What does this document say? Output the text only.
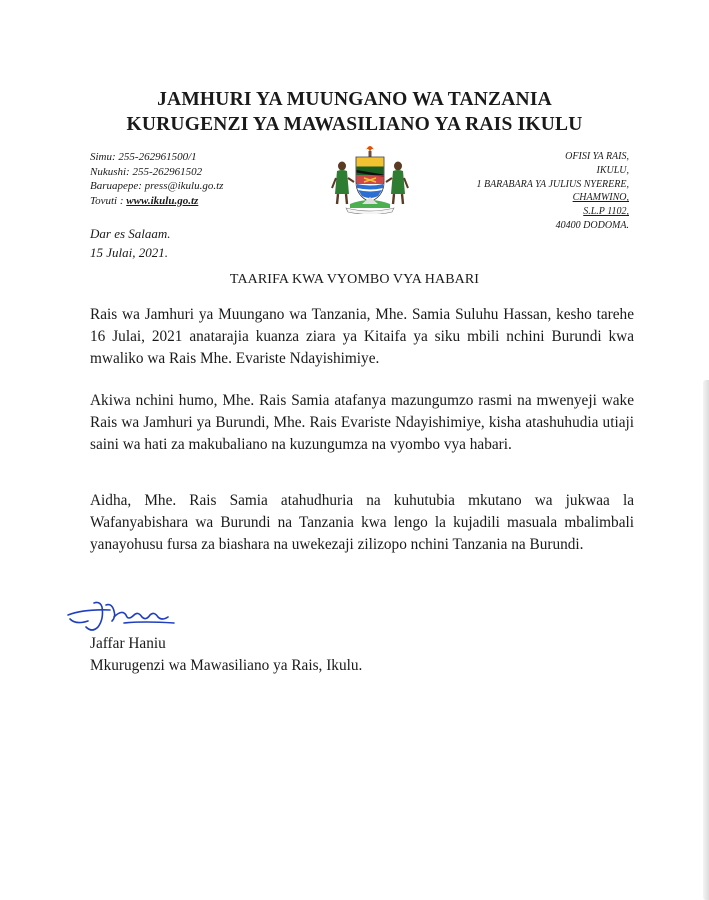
JAMHURI YA MUUNGANO WA TANZANIA
KURUGENZI YA MAWASILIANO YA RAIS IKULU
Simu: 255-262961500/1
Nukushi: 255-262961502
Baruapepe: press@ikulu.go.tz
Tovuti : www.ikulu.go.tz
OFISI YA RAIS,
IKULU,
1 BARABARA YA JULIUS NYERERE,
CHAMWINO,
S.L.P 1102,
40400 DODOMA.
Dar es Salaam.
15 Julai, 2021.
TAARIFA KWA VYOMBO VYA HABARI
Rais wa Jamhuri ya Muungano wa Tanzania, Mhe. Samia Suluhu Hassan, kesho tarehe 16 Julai, 2021 anatarajia kuanza ziara ya Kitaifa ya siku mbili nchini Burundi kwa mwaliko wa Rais Mhe. Evariste Ndayishimiye.
Akiwa nchini humo, Mhe. Rais Samia atafanya mazungumzo rasmi na mwenyeji wake Rais wa Jamhuri ya Burundi, Mhe. Rais Evariste Ndayishimiye, kisha atashuhudia utiaji saini wa hati za makubaliano na kuzungumza na vyombo vya habari.
Aidha, Mhe. Rais Samia atahudhuria na kuhutubia mkutano wa jukwaa la Wafanyabishara wa Burundi na Tanzania kwa lengo la kujadili masuala mbalimbali yanayohusu fursa za biashara na uwekezaji zilizopo nchini Tanzania na Burundi.
Jaffar Haniu
Mkurugenzi wa Mawasiliano ya Rais, Ikulu.
